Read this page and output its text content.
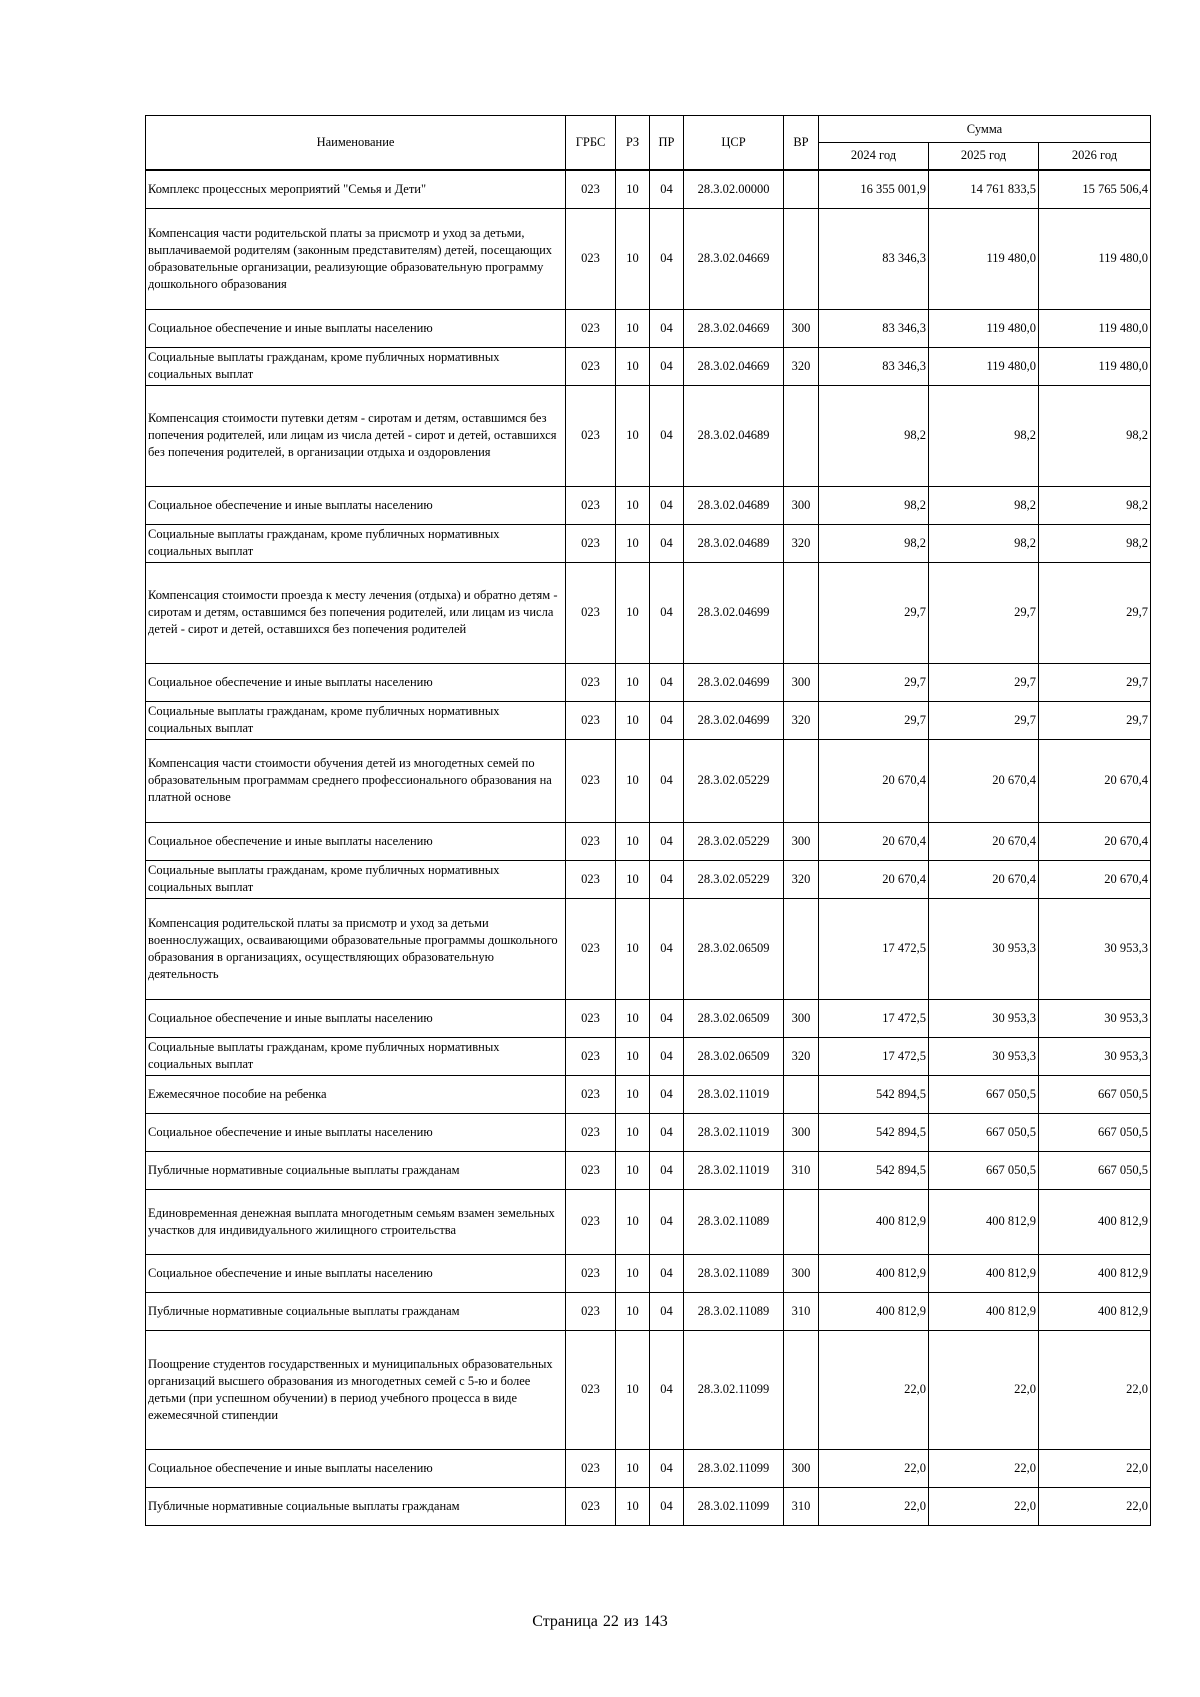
Наименование	ГРБС	РЗ	ПР	ЦСР	ВР	Сумма		
						2024 год	2025 год	2026 год
Комплекс процессных мероприятий "Семья и Дети"	023	10	04	28.3.02.00000		16 355 001,9	14 761 833,5	15 765 506,4
Компенсация части родительской платы за присмотр и уход за детьми, выплачиваемой родителям (законным представителям) детей, посещающих образовательные организации, реализующие образовательную программу дошкольного образования	023	10	04	28.3.02.04669		83 346,3	119 480,0	119 480,0
Социальное обеспечение и иные выплаты населению	023	10	04	28.3.02.04669	300	83 346,3	119 480,0	119 480,0
Социальные выплаты гражданам, кроме публичных нормативных социальных выплат	023	10	04	28.3.02.04669	320	83 346,3	119 480,0	119 480,0
Компенсация стоимости путевки детям - сиротам и детям, оставшимся без попечения родителей, или лицам из числа детей - сирот и детей, оставшихся без попечения родителей, в организации отдыха и оздоровления	023	10	04	28.3.02.04689		98,2	98,2	98,2
Социальное обеспечение и иные выплаты населению	023	10	04	28.3.02.04689	300	98,2	98,2	98,2
Социальные выплаты гражданам, кроме публичных нормативных социальных выплат	023	10	04	28.3.02.04689	320	98,2	98,2	98,2
Компенсация стоимости проезда к месту лечения (отдыха) и обратно детям - сиротам и детям, оставшимся без попечения родителей, или лицам из числа детей - сирот и детей, оставшихся без попечения родителей	023	10	04	28.3.02.04699		29,7	29,7	29,7
Социальное обеспечение и иные выплаты населению	023	10	04	28.3.02.04699	300	29,7	29,7	29,7
Социальные выплаты гражданам, кроме публичных нормативных социальных выплат	023	10	04	28.3.02.04699	320	29,7	29,7	29,7
Компенсация части стоимости обучения детей из многодетных семей по образовательным программам среднего профессионального образования на платной основе	023	10	04	28.3.02.05229		20 670,4	20 670,4	20 670,4
Социальное обеспечение и иные выплаты населению	023	10	04	28.3.02.05229	300	20 670,4	20 670,4	20 670,4
Социальные выплаты гражданам, кроме публичных нормативных социальных выплат	023	10	04	28.3.02.05229	320	20 670,4	20 670,4	20 670,4
Компенсация родительской платы за присмотр и уход за детьми военнослужащих, осваивающими образовательные программы дошкольного образования в организациях, осуществляющих образовательную деятельность	023	10	04	28.3.02.06509		17 472,5	30 953,3	30 953,3
Социальное обеспечение и иные выплаты населению	023	10	04	28.3.02.06509	300	17 472,5	30 953,3	30 953,3
Социальные выплаты гражданам, кроме публичных нормативных социальных выплат	023	10	04	28.3.02.06509	320	17 472,5	30 953,3	30 953,3
Ежемесячное пособие на ребенка	023	10	04	28.3.02.11019		542 894,5	667 050,5	667 050,5
Социальное обеспечение и иные выплаты населению	023	10	04	28.3.02.11019	300	542 894,5	667 050,5	667 050,5
Публичные нормативные социальные выплаты гражданам	023	10	04	28.3.02.11019	310	542 894,5	667 050,5	667 050,5
Единовременная денежная выплата многодетным семьям взамен земельных участков для индивидуального жилищного строительства	023	10	04	28.3.02.11089		400 812,9	400 812,9	400 812,9
Социальное обеспечение и иные выплаты населению	023	10	04	28.3.02.11089	300	400 812,9	400 812,9	400 812,9
Публичные нормативные социальные выплаты гражданам	023	10	04	28.3.02.11089	310	400 812,9	400 812,9	400 812,9
Поощрение студентов государственных и муниципальных образовательных организаций высшего образования из многодетных семей с 5-ю и более детьми (при успешном обучении) в период учебного процесса в виде ежемесячной стипендии	023	10	04	28.3.02.11099		22,0	22,0	22,0
Социальное обеспечение и иные выплаты населению	023	10	04	28.3.02.11099	300	22,0	22,0	22,0
Публичные нормативные социальные выплаты гражданам	023	10	04	28.3.02.11099	310	22,0	22,0	22,0
Страница 22 из 143
